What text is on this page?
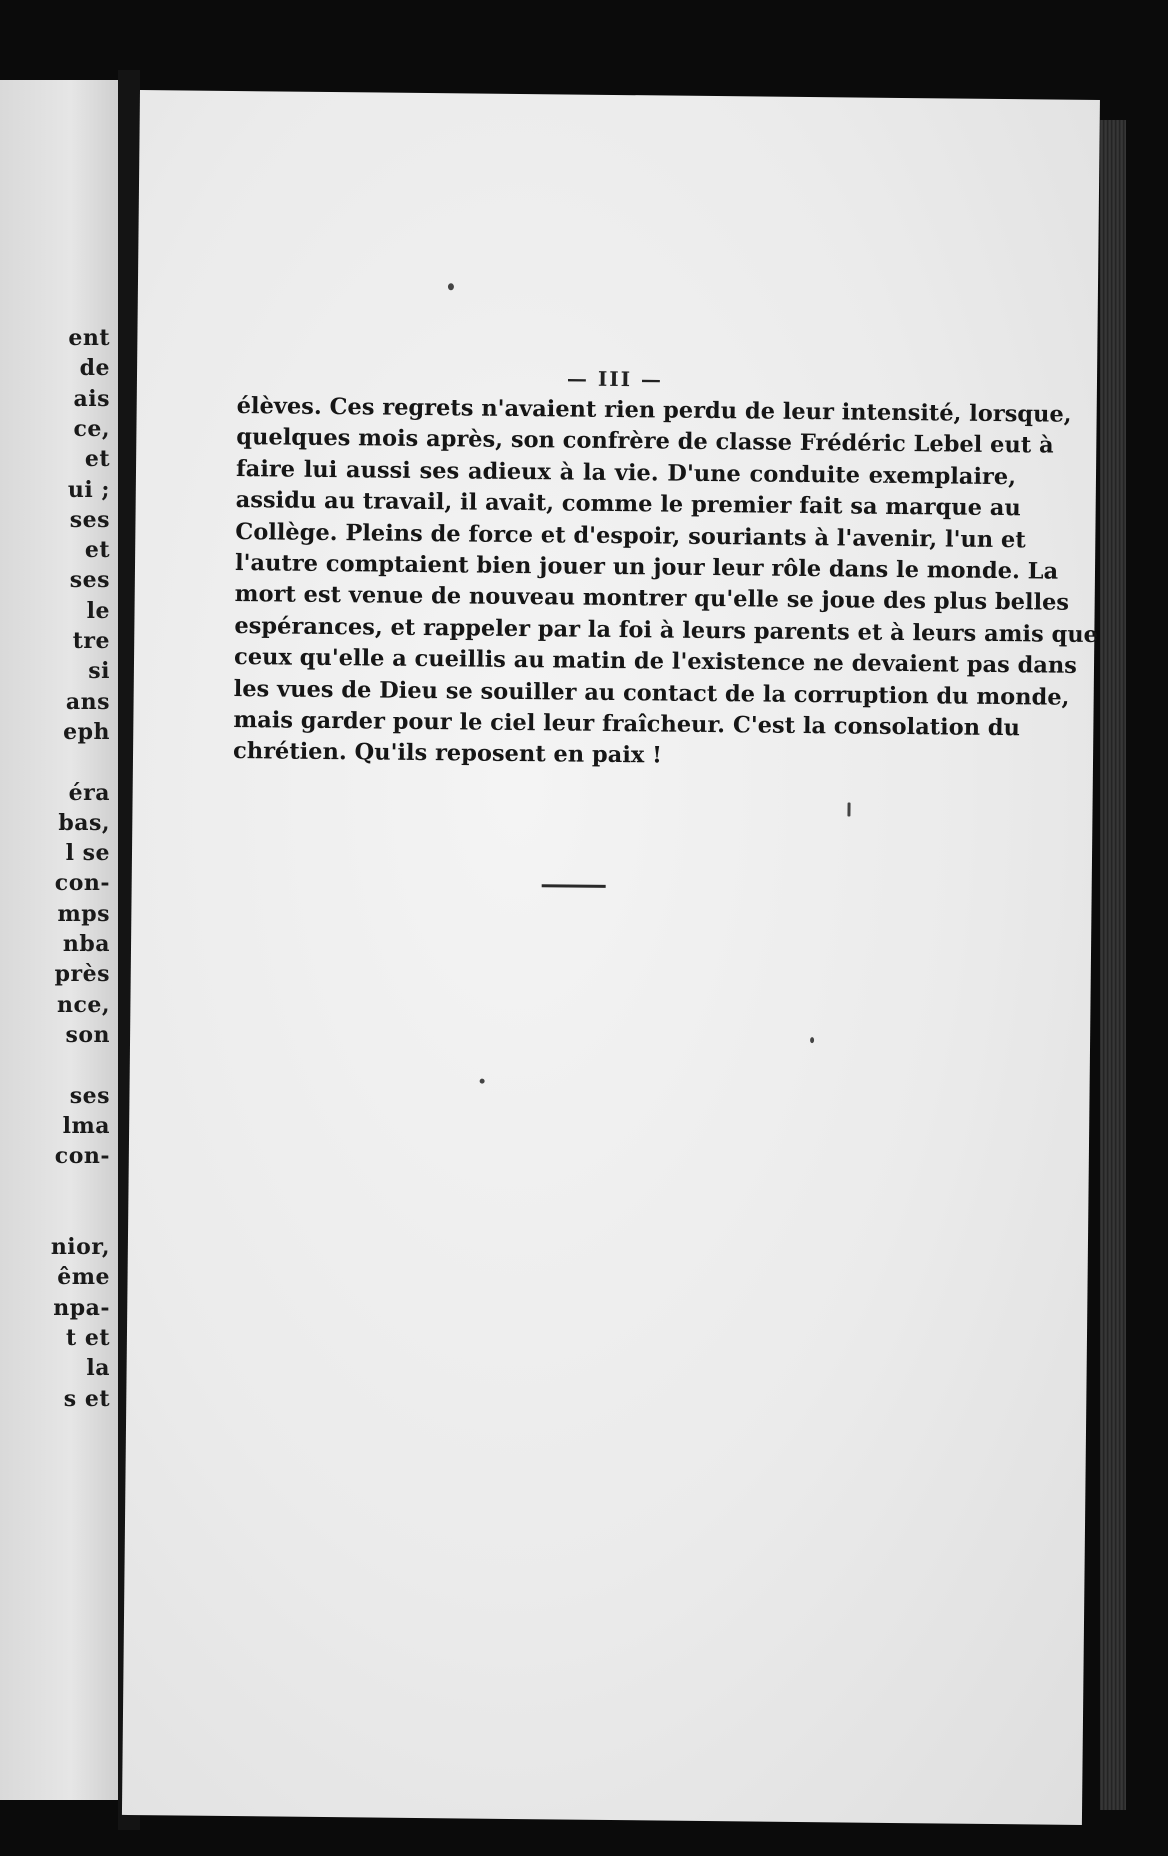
ent
de
ais
ce,
et
ui ;
ses
et
ses
le
tre
si
ans
eph
éra
bas,
l se
con-
mps
nba
près
nce,
son
ses
lma
con-
nior,
ême
npa-
t et
la
s et
— III —
élèves. Ces regrets n'avaient rien perdu de leur intensité, lorsque,
quelques mois après, son confrère de classe Frédéric Lebel eut à
faire lui aussi ses adieux à la vie. D'une conduite exemplaire,
assidu au travail, il avait, comme le premier fait sa marque au
Collège. Pleins de force et d'espoir, souriants à l'avenir, l'un et
l'autre comptaient bien jouer un jour leur rôle dans le monde. La
mort est venue de nouveau montrer qu'elle se joue des plus belles
espérances, et rappeler par la foi à leurs parents et à leurs amis que
ceux qu'elle a cueillis au matin de l'existence ne devaient pas dans
les vues de Dieu se souiller au contact de la corruption du monde,
mais garder pour le ciel leur fraîcheur. C'est la consolation du
chrétien. Qu'ils reposent en paix !
